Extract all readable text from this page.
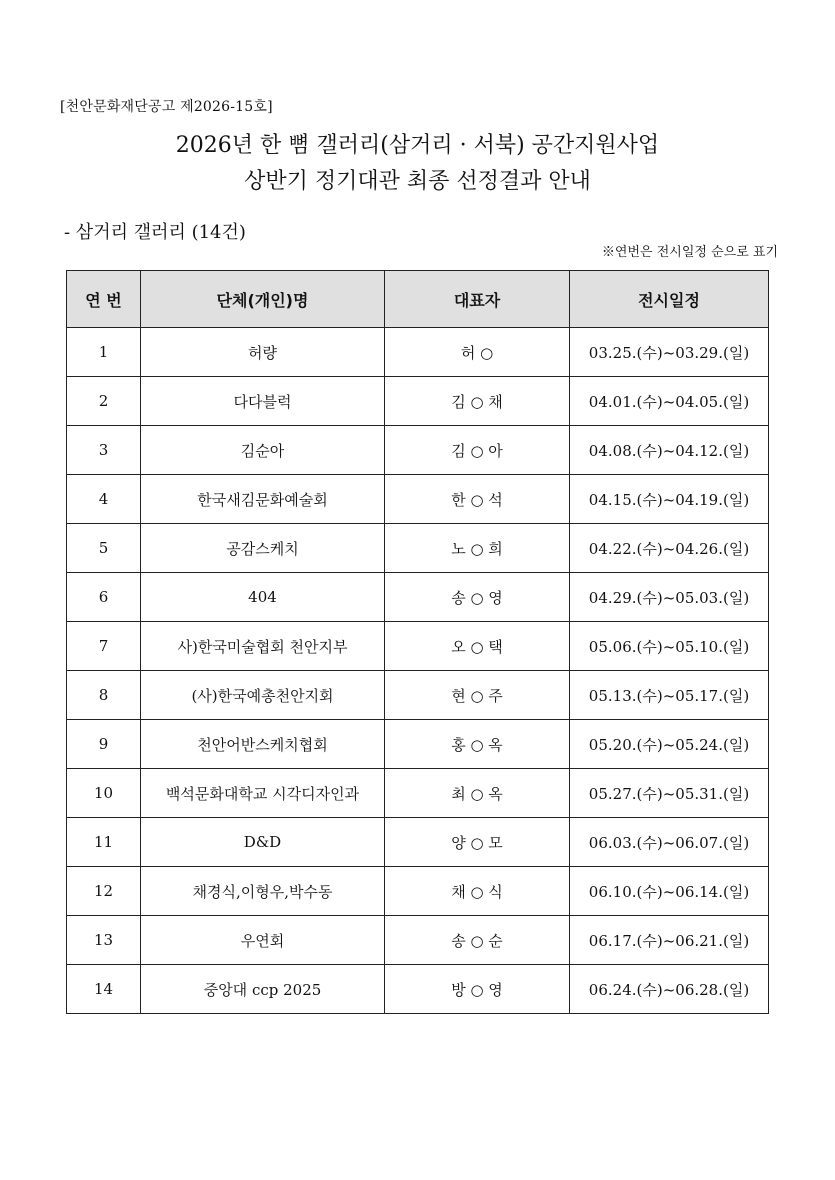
[천안문화재단공고 제2026-15호]
2026년 한 뼘 갤러리(삼거리 · 서북) 공간지원사업
상반기 정기대관 최종 선정결과 안내
- 삼거리 갤러리 (14건)
※연번은 전시일정 순으로 표기
연 번	단체(개인)명	대표자	전시일정
1	허량	허 ○	03.25.(수)~03.29.(일)
2	다다블럭	김 ○ 채	04.01.(수)~04.05.(일)
3	김순아	김 ○ 아	04.08.(수)~04.12.(일)
4	한국새김문화예술회	한 ○ 석	04.15.(수)~04.19.(일)
5	공감스케치	노 ○ 희	04.22.(수)~04.26.(일)
6	404	송 ○ 영	04.29.(수)~05.03.(일)
7	사)한국미술협회 천안지부	오 ○ 택	05.06.(수)~05.10.(일)
8	(사)한국예총천안지회	현 ○ 주	05.13.(수)~05.17.(일)
9	천안어반스케치협회	홍 ○ 옥	05.20.(수)~05.24.(일)
10	백석문화대학교 시각디자인과	최 ○ 옥	05.27.(수)~05.31.(일)
11	D&D	양 ○ 모	06.03.(수)~06.07.(일)
12	채경식,이형우,박수동	채 ○ 식	06.10.(수)~06.14.(일)
13	우연회	송 ○ 순	06.17.(수)~06.21.(일)
14	중앙대 ccp 2025	방 ○ 영	06.24.(수)~06.28.(일)
